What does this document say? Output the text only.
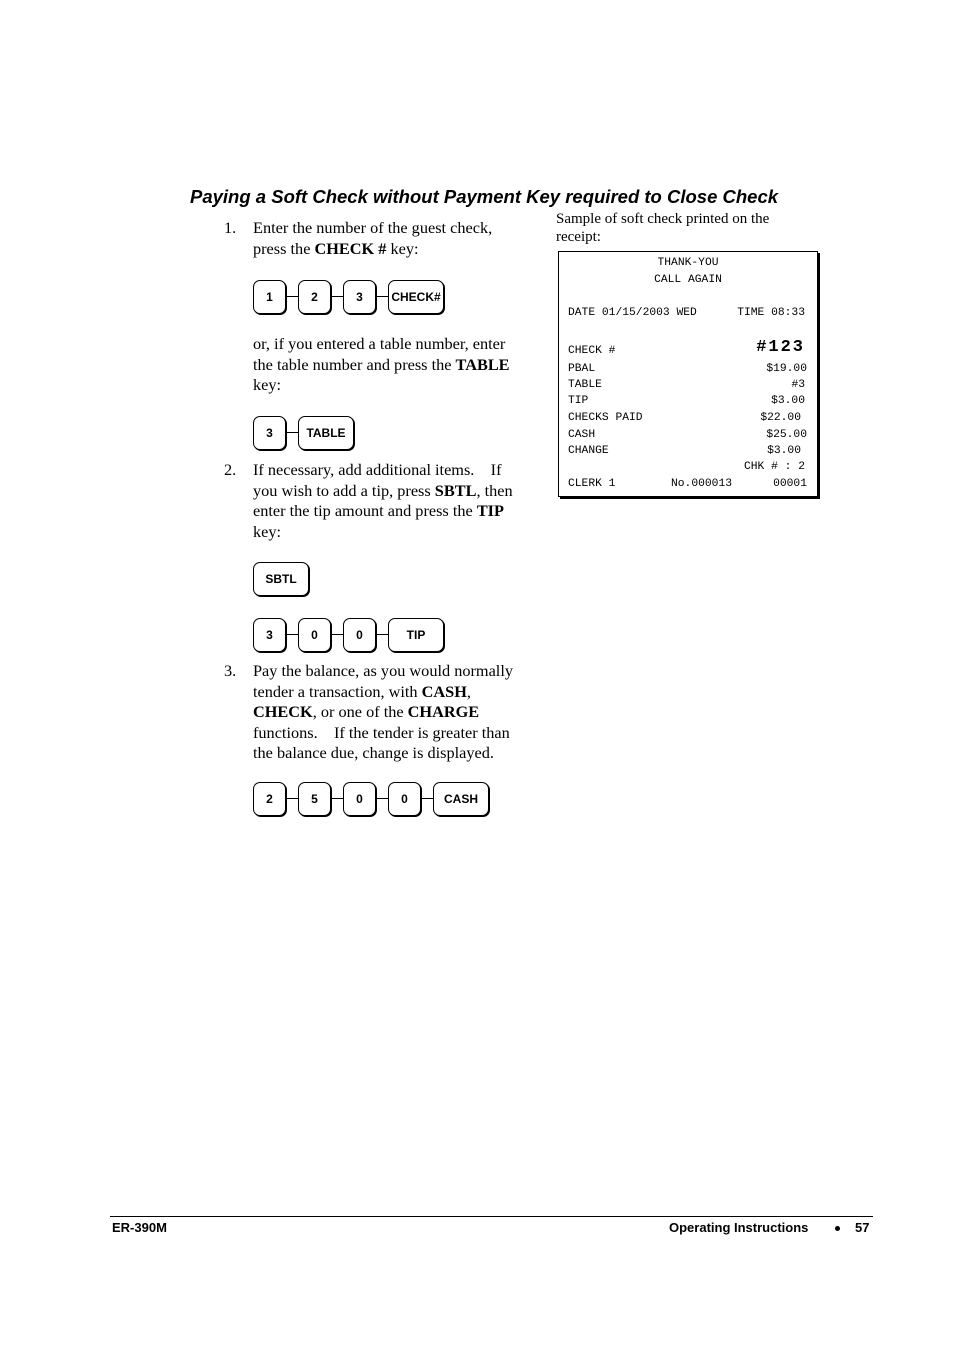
Paying a Soft Check without Payment Key required to Close Check
1. Enter the number of the guest check,
press the CHECK # key:
1	2	3	CHECK#
or, if you entered a table number, enter
the table number and press the TABLE
key:
3	TABLE
2. If necessary, add additional items.    If
you wish to add a tip, press SBTL, then
enter the tip amount and press the TIP
key:
SBTL
3	0	0	TIP
3. Pay the balance, as you would normally
tender a transaction, with CASH,
CHECK, or one of the CHARGE
functions.    If the tender is greater than
the balance due, change is displayed.
2	5	0	0	CASH
Sample of soft check printed on the receipt:
THANK-YOU
CALL AGAIN
DATE 01/15/2003 WED	TIME 08:33
CHECK #	#123
PBAL	$19.00
TABLE	#3
TIP	$3.00
CHECKS PAID	$22.00
CASH	$25.00
CHANGE	$3.00
CHK # : 2
CLERK 1	No.000013	00001
ER-390M	Operating Instructions	57
